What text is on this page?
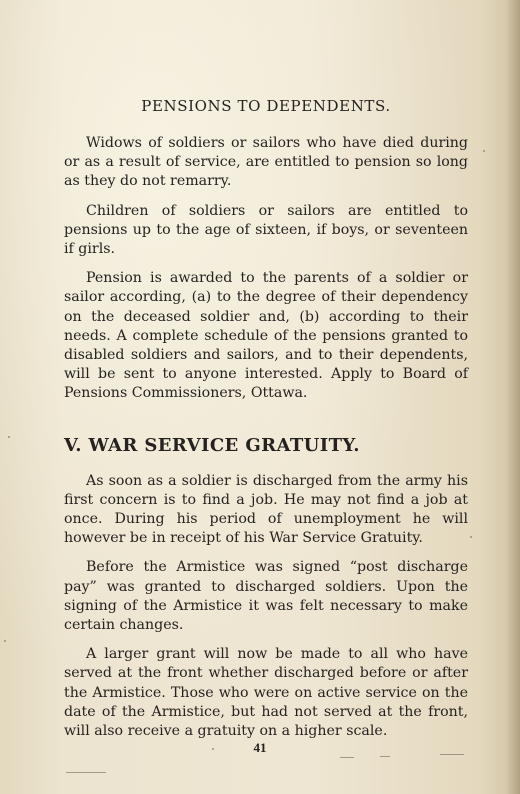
PENSIONS TO DEPENDENTS.

Widows of soldiers or sailors who have died during or as a result of service, are entitled to pension so long as they do not remarry.

Children of soldiers or sailors are entitled to pensions up to the age of sixteen, if boys, or seventeen if girls.

Pension is awarded to the parents of a soldier or sailor according, (a) to the degree of their dependency on the deceased soldier and, (b) according to their needs. A complete schedule of the pensions granted to disabled soldiers and sailors, and to their dependents, will be sent to anyone interested. Apply to Board of Pensions Commissioners, Ottawa.

V. WAR SERVICE GRATUITY.

As soon as a soldier is discharged from the army his first concern is to find a job. He may not find a job at once. During his period of unemployment he will however be in receipt of his War Service Gratuity.

Before the Armistice was signed “post discharge pay” was granted to discharged soldiers. Upon the signing of the Armistice it was felt necessary to make certain changes.

A larger grant will now be made to all who have served at the front whether discharged before or after the Armistice. Those who were on active service on the date of the Armistice, but had not served at the front, will also receive a gratuity on a higher scale.

41
